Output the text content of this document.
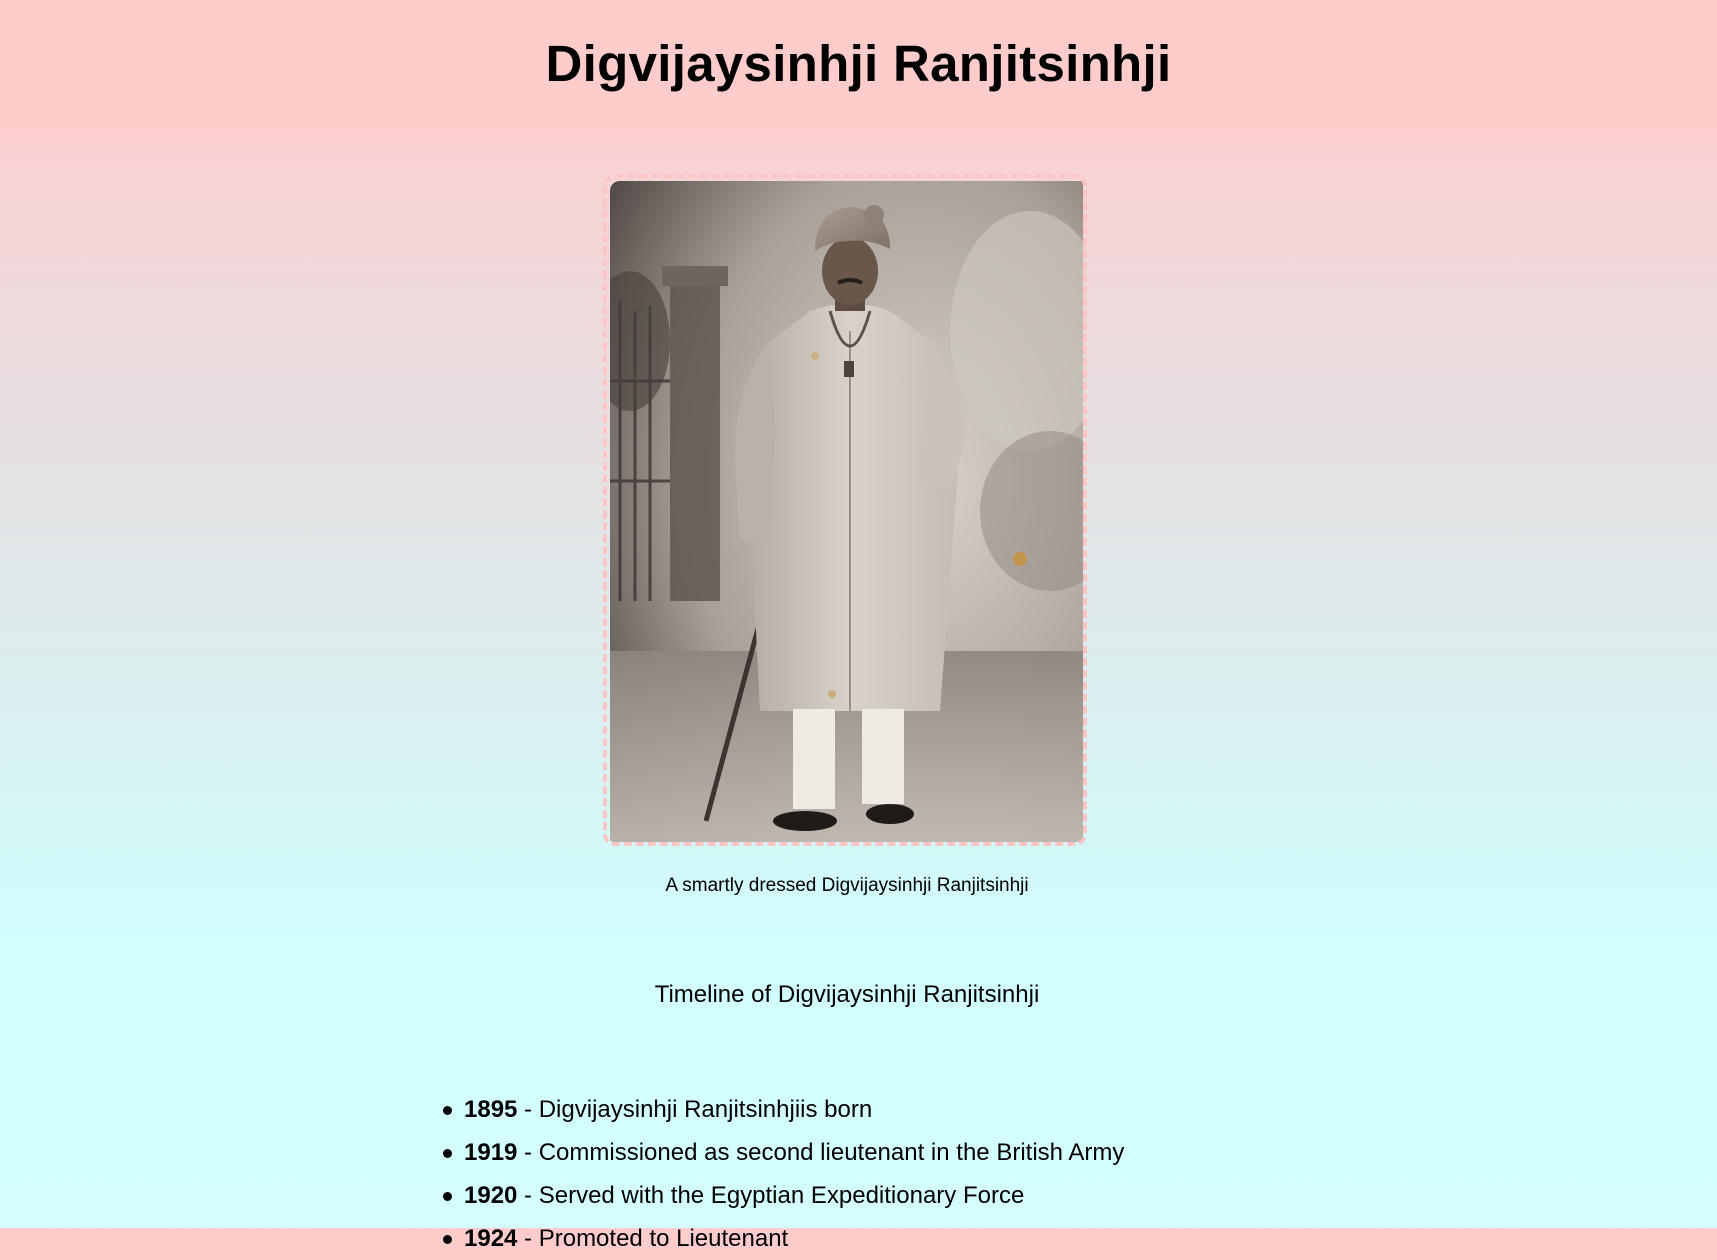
Digvijaysinhji Ranjitsinhji
A smartly dressed Digvijaysinhji Ranjitsinhji
Timeline of Digvijaysinhji Ranjitsinhji
1895 - Digvijaysinhji Ranjitsinhjiis born
1919 - Commissioned as second lieutenant in the British Army
1920 - Served with the Egyptian Expeditionary Force
1924 - Promoted to Lieutenant
